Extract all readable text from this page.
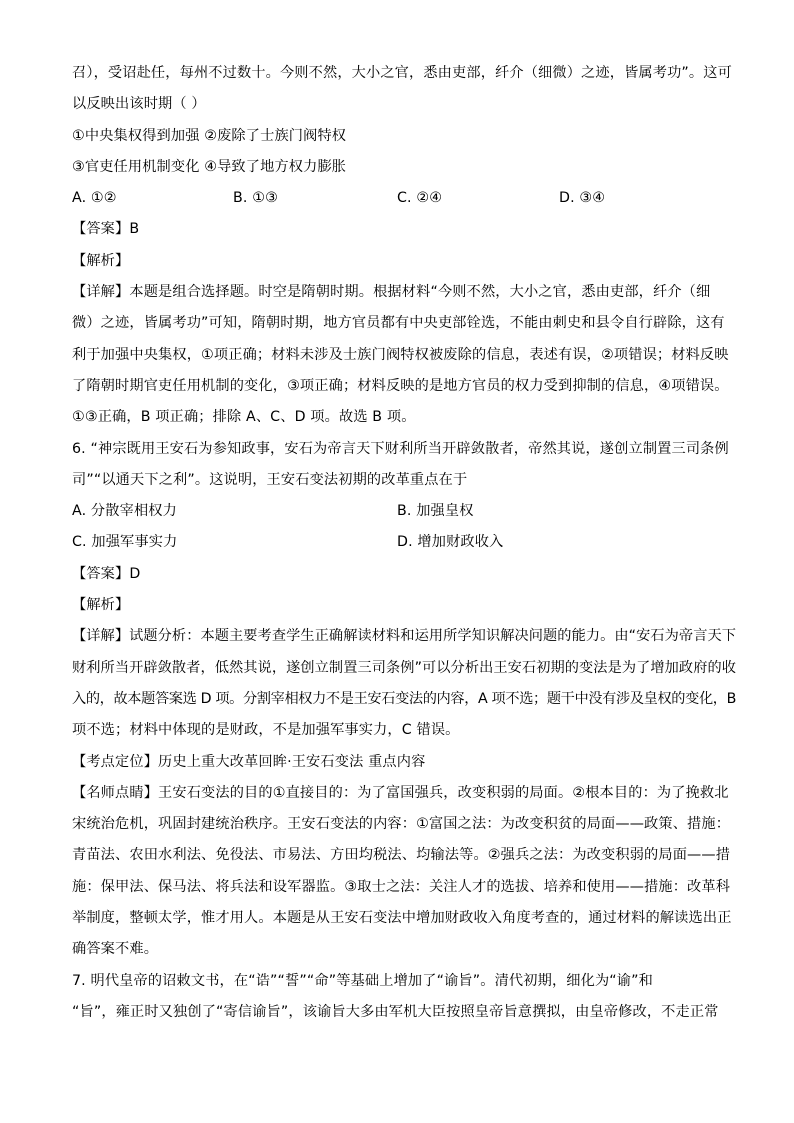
召），受诏赴任，每州不过数十。今则不然，大小之官，悉由吏部，纤介（细微）之迹，皆属考功”。这可
以反映出该时期（ ）
①中央集权得到加强 ②废除了士族门阀特权
③官吏任用机制变化 ④导致了地方权力膨胀
A. ①②	B. ①③	C. ②④	D. ③④
【答案】B
【解析】
【详解】本题是组合选择题。时空是隋朝时期。根据材料“今则不然，大小之官，悉由吏部，纤介（细
微）之迹，皆属考功”可知，隋朝时期，地方官员都有中央吏部铨选，不能由刺史和县令自行辟除，这有
利于加强中央集权，①项正确；材料未涉及士族门阀特权被废除的信息，表述有误，②项错误；材料反映
了隋朝时期官吏任用机制的变化，③项正确；材料反映的是地方官员的权力受到抑制的信息，④项错误。
①③正确，B 项正确；排除 A、C、D 项。故选 B 项。
6. “神宗既用王安石为参知政事，安石为帝言天下财利所当开辟敛散者，帝然其说，遂创立制置三司条例
司”“以通天下之利”。这说明，王安石变法初期的改革重点在于
A. 分散宰相权力	B. 加强皇权
C. 加强军事实力	D. 增加财政收入
【答案】D
【解析】
【详解】试题分析：本题主要考查学生正确解读材料和运用所学知识解决问题的能力。由“安石为帝言天下
财利所当开辟敛散者，低然其说，遂创立制置三司条例”可以分析出王安石初期的变法是为了增加政府的收
入的，故本题答案选 D 项。分割宰相权力不是王安石变法的内容，A 项不选；题干中没有涉及皇权的变化，B
项不选；材料中体现的是财政，不是加强军事实力，C 错误。
【考点定位】历史上重大改革回眸·王安石变法 重点内容
【名师点睛】王安石变法的目的①直接目的：为了富国强兵，改变积弱的局面。②根本目的：为了挽救北
宋统治危机，巩固封建统治秩序。王安石变法的内容：①富国之法：为改变积贫的局面——政策、措施：
青苗法、农田水利法、免役法、市易法、方田均税法、均输法等。②强兵之法：为改变积弱的局面——措
施：保甲法、保马法、将兵法和设军器监。③取士之法：关注人才的选拔、培养和使用——措施：改革科
举制度，整顿太学，惟才用人。本题是从王安石变法中增加财政收入角度考查的，通过材料的解读选出正
确答案不难。
7. 明代皇帝的诏敕文书，在“诰”“誓”“命”等基础上增加了“谕旨”。清代初期，细化为“谕”和
“旨”，雍正时又独创了“寄信谕旨”，该谕旨大多由军机大臣按照皇帝旨意撰拟，由皇帝修改，不走正常
